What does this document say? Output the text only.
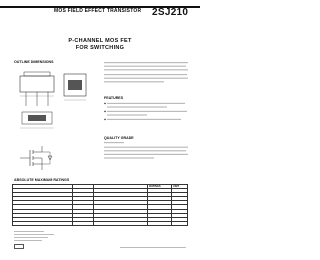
MOS FIELD EFFECT TRANSISTOR 2SJ210
P-CHANNEL MOS FET
FOR SWITCHING
OUTLINE DIMENSIONS
FEATURES
QUALITY GRADE
ABSOLUTE MAXIMUM RATINGS
			RATINGS	UNIT
